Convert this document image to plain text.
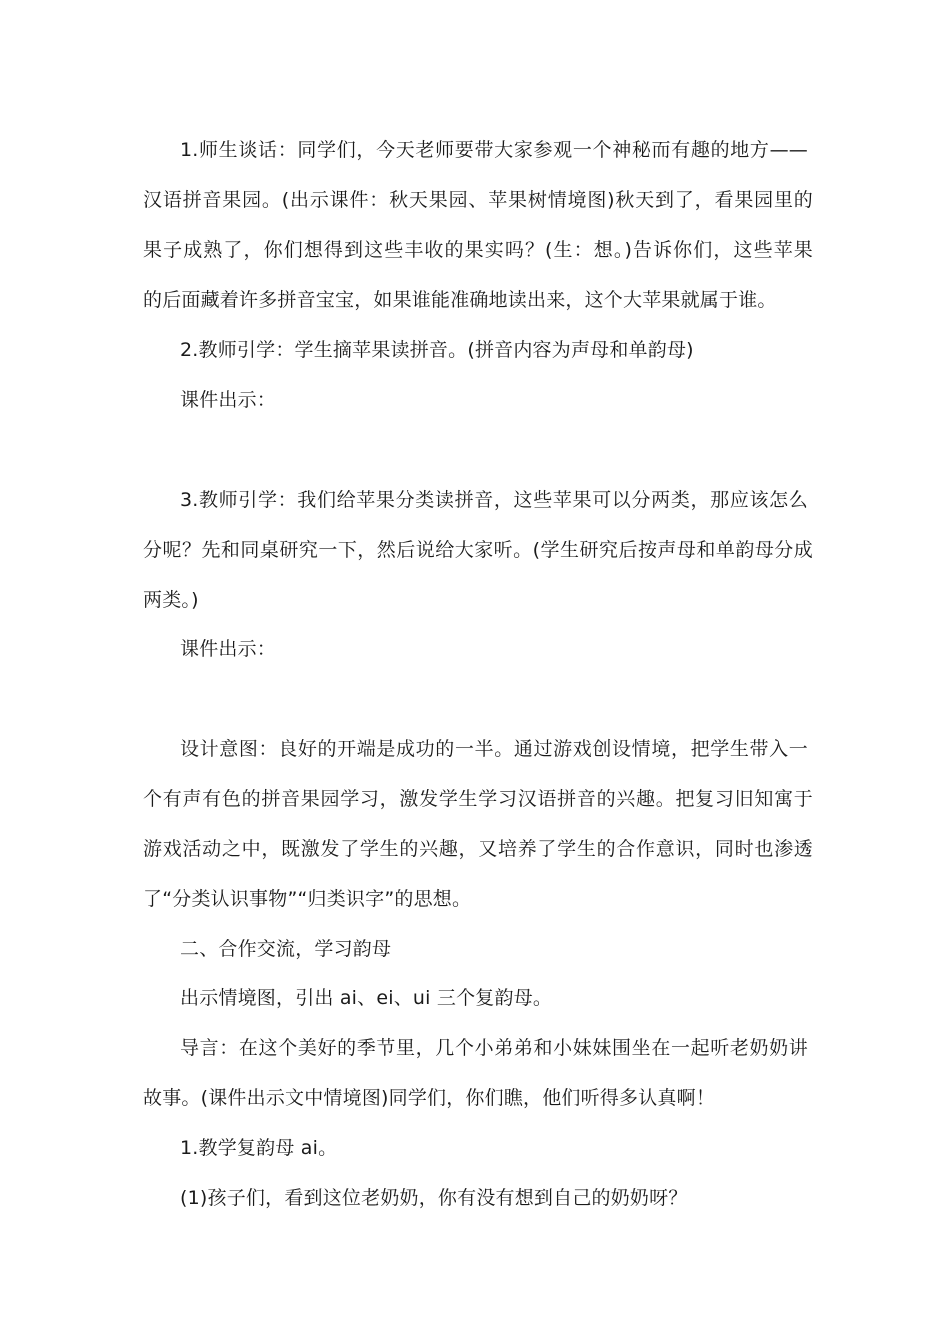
1.师生谈话：同学们，今天老师要带大家参观一个神秘而有趣的地方——
汉语拼音果园。(出示课件：秋天果园、苹果树情境图)秋天到了，看果园里的
果子成熟了，你们想得到这些丰收的果实吗？(生：想。)告诉你们，这些苹果
的后面藏着许多拼音宝宝，如果谁能准确地读出来，这个大苹果就属于谁。
2.教师引学：学生摘苹果读拼音。(拼音内容为声母和单韵母)
课件出示：
3.教师引学：我们给苹果分类读拼音，这些苹果可以分两类，那应该怎么
分呢？先和同桌研究一下，然后说给大家听。(学生研究后按声母和单韵母分成
两类。)
课件出示：
设计意图：良好的开端是成功的一半。通过游戏创设情境，把学生带入一
个有声有色的拼音果园学习，激发学生学习汉语拼音的兴趣。把复习旧知寓于
游戏活动之中，既激发了学生的兴趣，又培养了学生的合作意识，同时也渗透
了“分类认识事物”“归类识字”的思想。
二、合作交流，学习韵母
出示情境图，引出 ai、ei、ui 三个复韵母。
导言：在这个美好的季节里，几个小弟弟和小妹妹围坐在一起听老奶奶讲
故事。(课件出示文中情境图)同学们，你们瞧，他们听得多认真啊！
1.教学复韵母 ai。
(1)孩子们，看到这位老奶奶，你有没有想到自己的奶奶呀？
